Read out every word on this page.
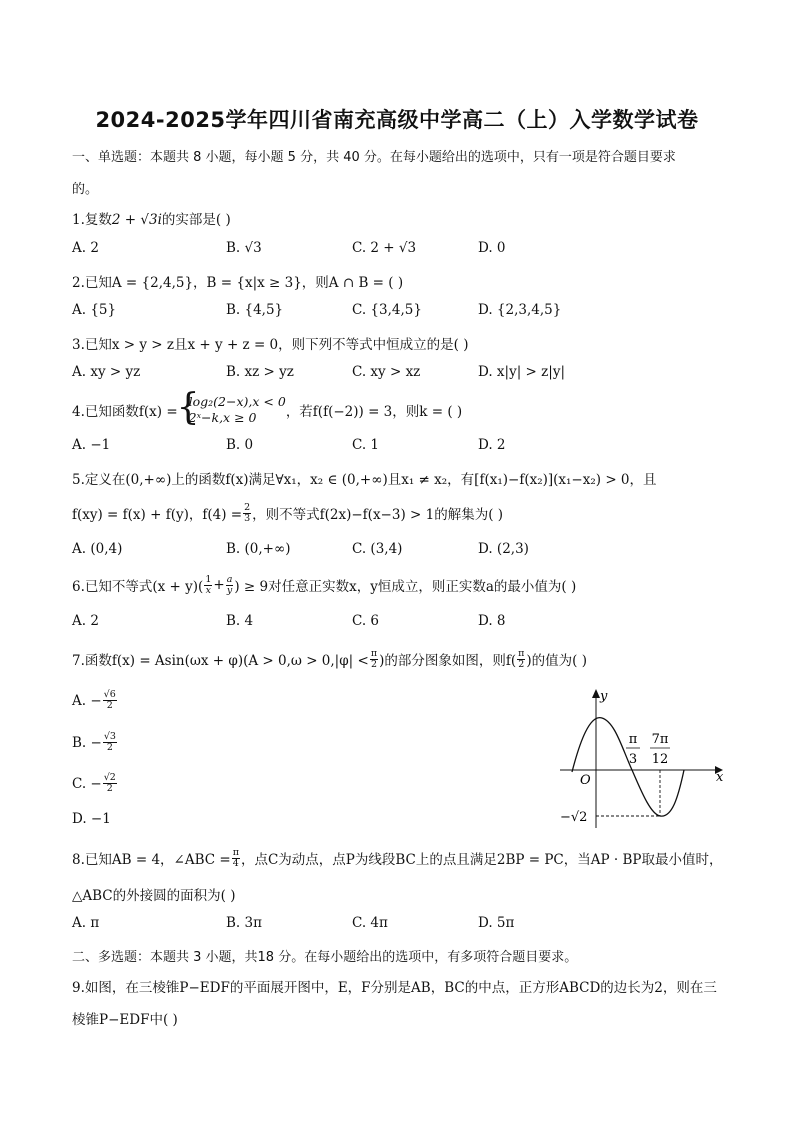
2024-2025学年四川省南充高级中学高二（上）入学数学试卷
一、单选题：本题共 8 小题，每小题 5 分，共 40 分。在每小题给出的选项中，只有一项是符合题目要求
的。
1.复数2 + √3i的实部是( )
A. 2	B. √3	C. 2 + √3	D. 0
2.已知A = {2,4,5}，B = {x|x ≥ 3}，则A ∩ B = ( )
A. {5}	B. {4,5}	C. {3,4,5}	D. {2,3,4,5}
3.已知x > y > z且x + y + z = 0，则下列不等式中恒成立的是( )
A. xy > yz	B. xz > yz	C. xy > xz	D. x|y| > z|y|
4.已知函数f(x) =
{ log₂(2−x),x < 0
2ˣ−k,x ≥ 0	，若f(f(−2)) = 3，则k = ( )
A. −1	B. 0	C. 1	D. 2
5.定义在(0,+∞)上的函数f(x)满足∀x₁，x₂ ∈ (0,+∞)且x₁ ≠ x₂，有[f(x₁)−f(x₂)](x₁−x₂) > 0，且
f(xy) = f(x) + f(y)，$f(4) = \frac{2}{3}$ ，则不等式f(2x)−f(x−3) > 1的解集为( )
A. (0,4)	B. (0,+∞)	C. (3,4)	D. (2,3)
6.已知不等式$(x + y)( \frac{1}{x} + \frac{a}{y}$ ) ≥ 9对任意正实数x，y恒成立，则正实数a的最小值为( )
A. 2	B. 4	C. 6	D. 8
7.函数$f(x) = Asin(\omega x + \varphi)(A > 0,\omega > 0,|\varphi| < \frac{\pi}{2}$ )的部分图象如图，则$f( \frac{\pi}{2}$ )的值为( )
A. − $\frac{√6}{2}$
B. − $\frac{√3}{2}$
C. − $\frac{√2}{2}$
D. −1
y
x
O
π
3
7π
12
−√2
8.已知AB = 4，∠ABC = $\frac{\pi}{4}$ ，点C为动点，点P为线段BC上的点且满足2BP = PC，当AP · BP取最小值时，
△ABC的外接圆的面积为( )
A. π	B. 3π	C. 4π	D. 5π
二、多选题：本题共 3 小题，共18 分。在每小题给出的选项中，有多项符合题目要求。
9.如图，在三棱锥P−EDF的平面展开图中，E，F分别是AB，BC的中点，正方形ABCD的边长为2，则在三
棱锥P−EDF中( )
